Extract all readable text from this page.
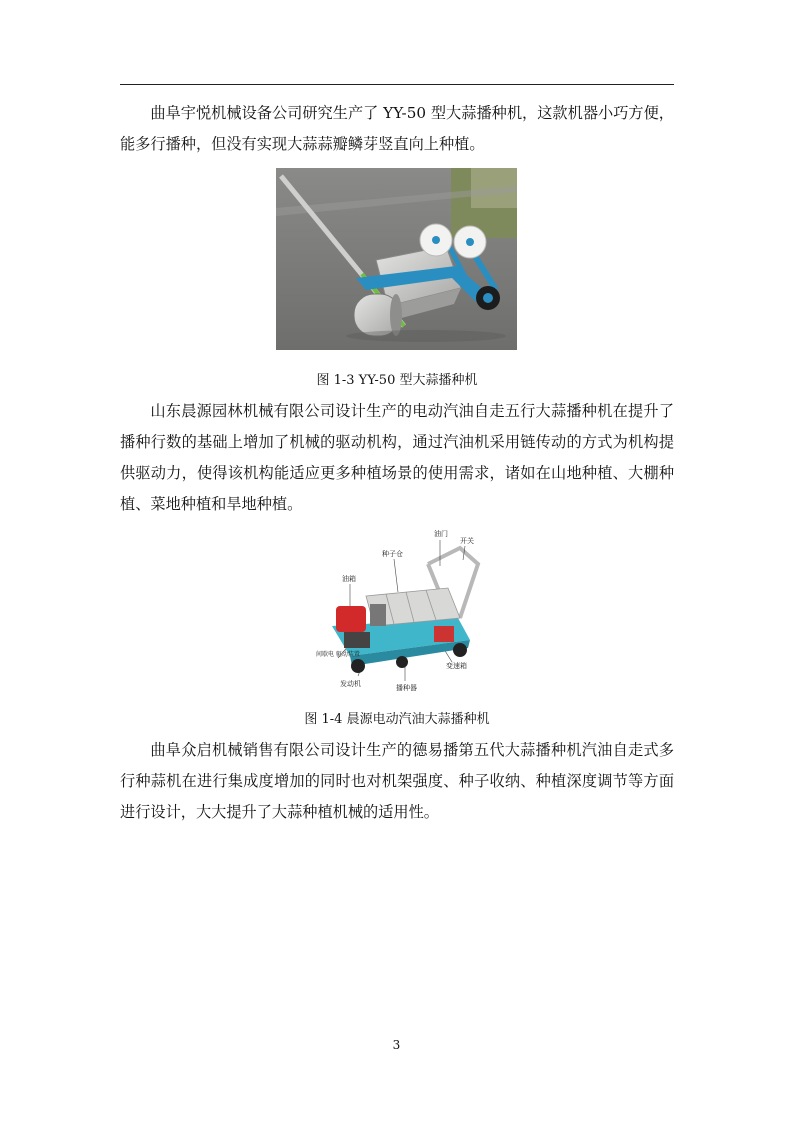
曲阜宇悦机械设备公司研究生产了 YY-50 型大蒜播种机，这款机器小巧方便，能多行播种，但没有实现大蒜蒜瓣鳞芽竖直向上种植。

图 1-3 YY-50 型大蒜播种机

山东晨源园林机械有限公司设计生产的电动汽油自走五行大蒜播种机在提升了播种行数的基础上增加了机械的驱动机构，通过汽油机采用链传动的方式为机构提供驱动力，使得该机构能适应更多种植场景的使用需求，诸如在山地种植、大棚种植、菜地种植和旱地种植。

油门
开关
种子仓
油箱
间歇电 驱动装置
发动机	播种器
变速箱
图 1-4 晨源电动汽油大蒜播种机

曲阜众启机械销售有限公司设计生产的德易播第五代大蒜播种机汽油自走式多行种蒜机在进行集成度增加的同时也对机架强度、种子收纳、种植深度调节等方面进行设计，大大提升了大蒜种植机械的适用性。

3
